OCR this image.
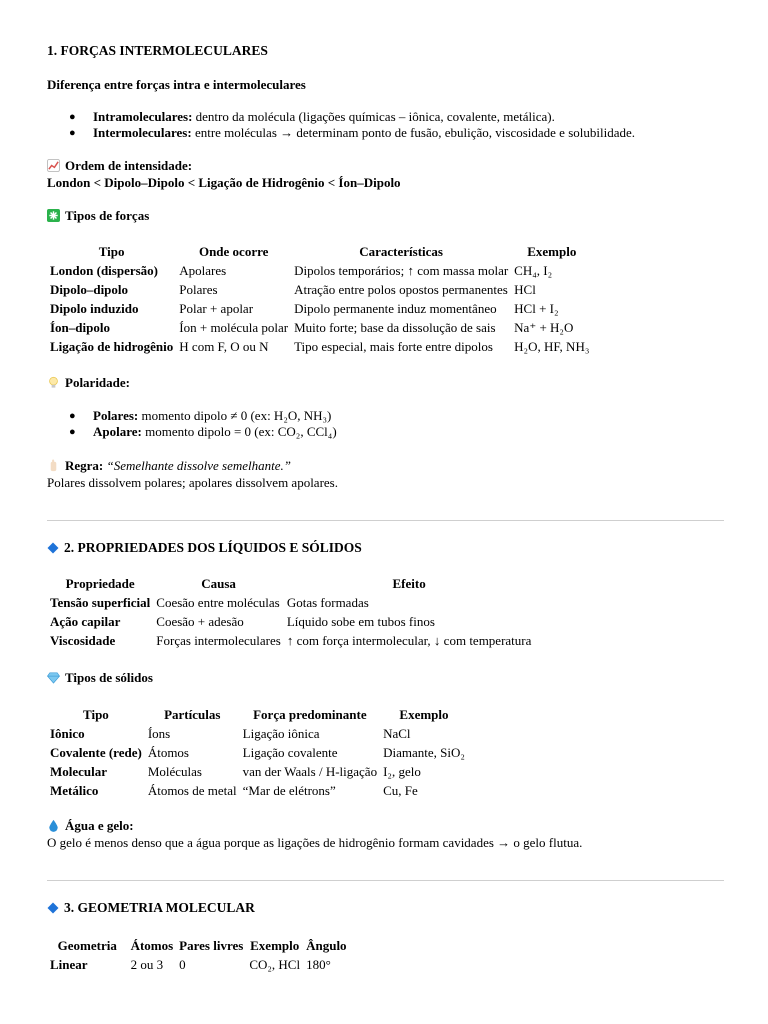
1. FORÇAS INTERMOLECULARES
Diferença entre forças intra e intermoleculares
● Intramoleculares: dentro da molécula (ligações químicas – iônica, covalente, metálica).
● Intermoleculares: entre moléculas → determinam ponto de fusão, ebulição, viscosidade e solubilidade.
Ordem de intensidade:
London < Dipolo–Dipolo < Ligação de Hidrogênio < Íon–Dipolo
Tipos de forças
Tipo	Onde ocorre	Características	Exemplo
London (dispersão)	Apolares	Dipolos temporários; ↑ com massa molar	CH₄, I₂
Dipolo–dipolo	Polares	Atração entre polos opostos permanentes	HCl
Dipolo induzido	Polar + apolar	Dipolo permanente induz momentâneo	HCl + I₂
Íon–dipolo	Íon + molécula polar	Muito forte; base da dissolução de sais	Na⁺ + H₂O
Ligação de hidrogênio	H com F, O ou N	Tipo especial, mais forte entre dipolos	H₂O, HF, NH₃
Polaridade:
● Polares: momento dipolo ≠ 0 (ex: H₂O, NH₃)
● Apolare: momento dipolo = 0 (ex: CO₂, CCl₄)
Regra: “Semelhante dissolve semelhante.”
Polares dissolvem polares; apolares dissolvem apolares.
2. PROPRIEDADES DOS LÍQUIDOS E SÓLIDOS
Propriedade	Causa	Efeito
Tensão superficial	Coesão entre moléculas	Gotas formadas
Ação capilar	Coesão + adesão	Líquido sobe em tubos finos
Viscosidade	Forças intermoleculares	↑ com força intermolecular, ↓ com temperatura
Tipos de sólidos
Tipo	Partículas	Força predominante	Exemplo
Iônico	Íons	Ligação iônica	NaCl
Covalente (rede)	Átomos	Ligação covalente	Diamante, SiO₂
Molecular	Moléculas	van der Waals / H-ligação	I₂, gelo
Metálico	Átomos de metal	“Mar de elétrons”	Cu, Fe
Água e gelo:
O gelo é menos denso que a água porque as ligações de hidrogênio formam cavidades → o gelo flutua.
3. GEOMETRIA MOLECULAR
Geometria	Átomos	Pares livres	Exemplo	Ângulo
Linear	2 ou 3	0	CO₂, HCl	180°
